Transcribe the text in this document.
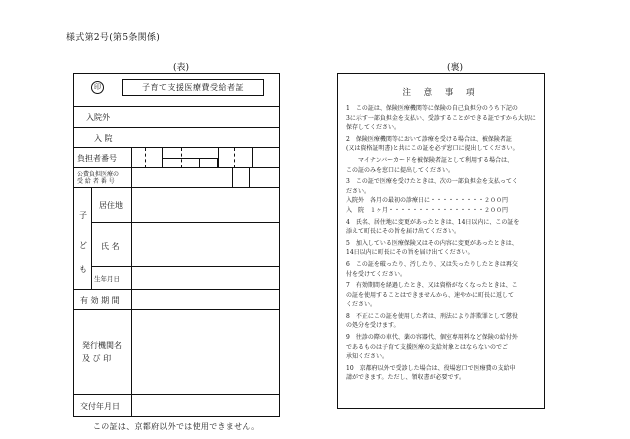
様式第2号(第5条関係)
(表)	(裏)
印	子育て支援医療費受給者証
入院外
入 院
負担者番号
公費負担医療の
受 給 者 番 号
子
ど
も
居住地
氏 名
生年月日
有 効 期 間
発行機関名
及 び 印
交付年月日
この証は、京都府以外では使用できません。
注 意 事 項

1　この証は、保険医療機関等に保険の自己負担分のうち下記の
3に示す一部負担金を支払い、受診することができる証ですから大切に保存してください。

2　保険医療機関等において診療を受ける場合は、被保険者証
(又は資格証明書)と共にこの証を必ず窓口に提出してください。

　　マイナンバーカードを被保険者証として利用する場合は、
この証のみを窓口に提出してください。

3　この証で医療を受けたときは、次の一部負担金を支払ってく
ださい。
入院外　各月の最初の診療日に・・・・・・・・・２００円
入　院　１ヶ月・・・・・・・・・・・・・・・・２００円

4　氏名、居住地に変更があったときは、14日以内に、この証を
添えて町長にその旨を届け出てください。

5　加入している医療保険又はその内容に変更があったときは、
14日以内に町長にその旨を届け出てください。

6　この証を破ったり、汚したり、又は失ったりしたときは再交
付を受けてください。

7　有効期間を経過したとき、又は資格がなくなったときは、こ
の証を使用することはできませんから、速やかに町長に返して
ください。

8　不正にこの証を使用した者は、刑法により詐欺罪として懲役
の処分を受けます。

9　往診の際の車代、薬の容器代、個室専用料など保険の給付外
であるものは子育て支援医療の支給対象とはならないのでご
承知ください。

10　京都府以外で受診した場合は、役場窓口で医療費の支給申
請ができます。ただし、領収書が必要です。
